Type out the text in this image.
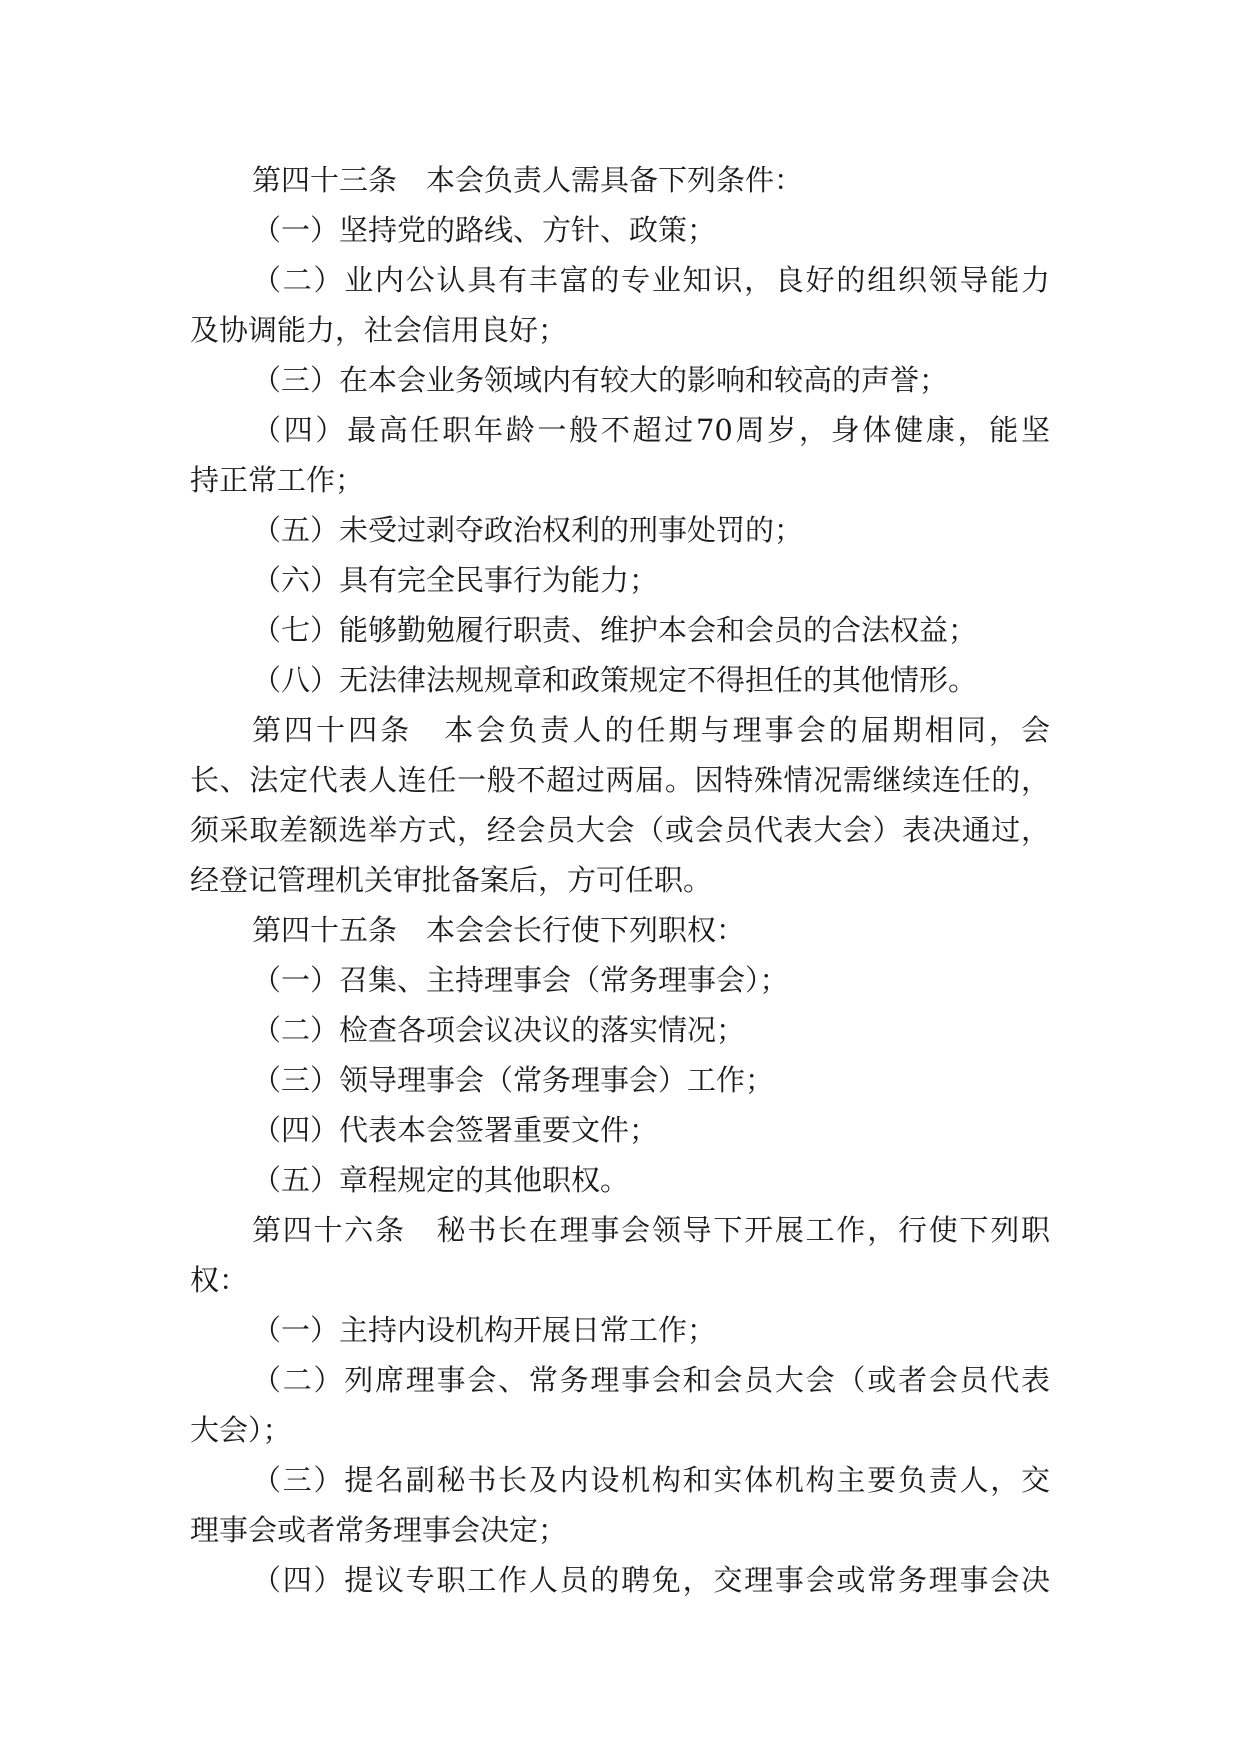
第四十三条　本会负责人需具备下列条件：
（一）坚持党的路线、方针、政策；
（二）业内公认具有丰富的专业知识，良好的组织领导能力
及协调能力，社会信用良好；
（三）在本会业务领域内有较大的影响和较高的声誉；
（四）最高任职年龄一般不超过70周岁，身体健康，能坚
持正常工作；
（五）未受过剥夺政治权利的刑事处罚的；
（六）具有完全民事行为能力；
（七）能够勤勉履行职责、维护本会和会员的合法权益；
（八）无法律法规规章和政策规定不得担任的其他情形。
第四十四条　本会负责人的任期与理事会的届期相同，会
长、法定代表人连任一般不超过两届。因特殊情况需继续连任的，
须采取差额选举方式，经会员大会（或会员代表大会）表决通过，
经登记管理机关审批备案后，方可任职。
第四十五条　本会会长行使下列职权：
（一）召集、主持理事会（常务理事会）；
（二）检查各项会议决议的落实情况；
（三）领导理事会（常务理事会）工作；
（四）代表本会签署重要文件；
（五）章程规定的其他职权。
第四十六条　秘书长在理事会领导下开展工作，行使下列职
权：
（一）主持内设机构开展日常工作；
（二）列席理事会、常务理事会和会员大会（或者会员代表
大会）；
（三）提名副秘书长及内设机构和实体机构主要负责人，交
理事会或者常务理事会决定；
（四）提议专职工作人员的聘免，交理事会或常务理事会决
